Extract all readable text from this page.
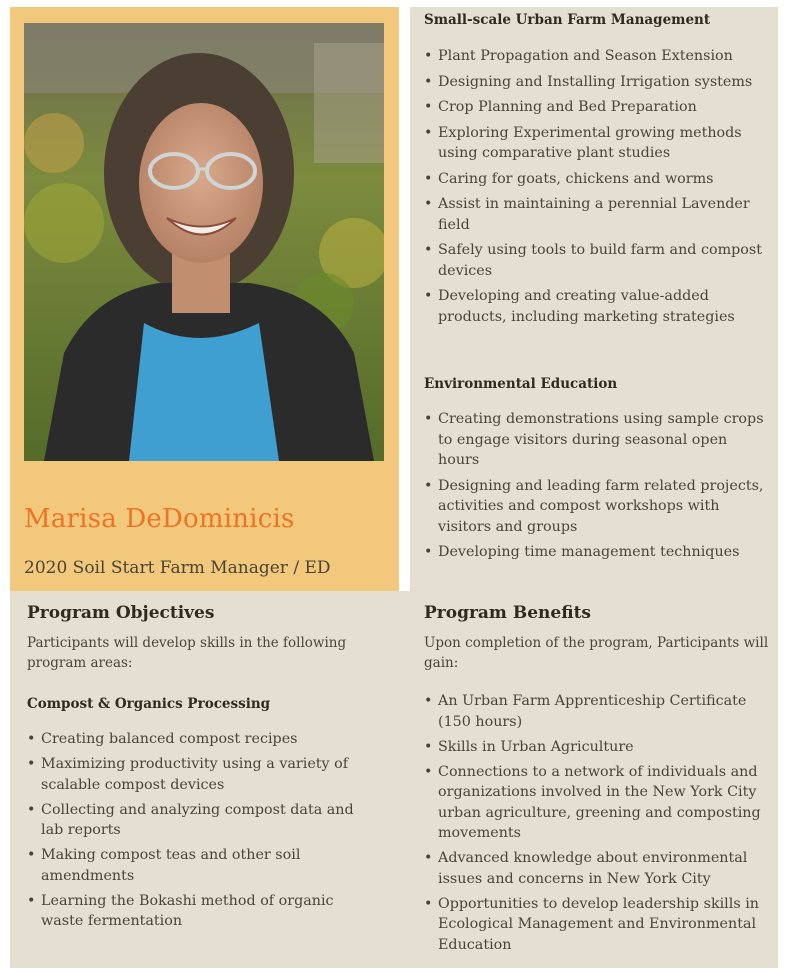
Marisa DeDominicis
2020 Soil Start Farm Manager / ED
Small-scale Urban Farm Management
• Plant Propagation and Season Extension
• Designing and Installing Irrigation systems
• Crop Planning and Bed Preparation
• Exploring Experimental growing methods using comparative plant studies
• Caring for goats, chickens and worms
• Assist in maintaining a perennial Lavender field
• Safely using tools to build farm and compost devices
• Developing and creating value-added products, including marketing strategies
Environmental Education
• Creating demonstrations using sample crops to engage visitors during seasonal open hours
• Designing and leading farm related projects, activities and compost workshops with visitors and groups
• Developing time management techniques
Program Objectives

Participants will develop skills in the following program areas:

Compost & Organics Processing
• Creating balanced compost recipes
• Maximizing productivity using a variety of scalable compost devices
• Collecting and analyzing compost data and lab reports
• Making compost teas and other soil amendments
• Learning the Bokashi method of organic waste fermentation
Program Benefits

Upon completion of the program, Participants will gain:

• An Urban Farm Apprenticeship Certificate (150 hours)
• Skills in Urban Agriculture
• Connections to a network of individuals and organizations involved in the New York City urban agriculture, greening and composting movements
• Advanced knowledge about environmental issues and concerns in New York City
• Opportunities to develop leadership skills in Ecological Management and Environmental Education
